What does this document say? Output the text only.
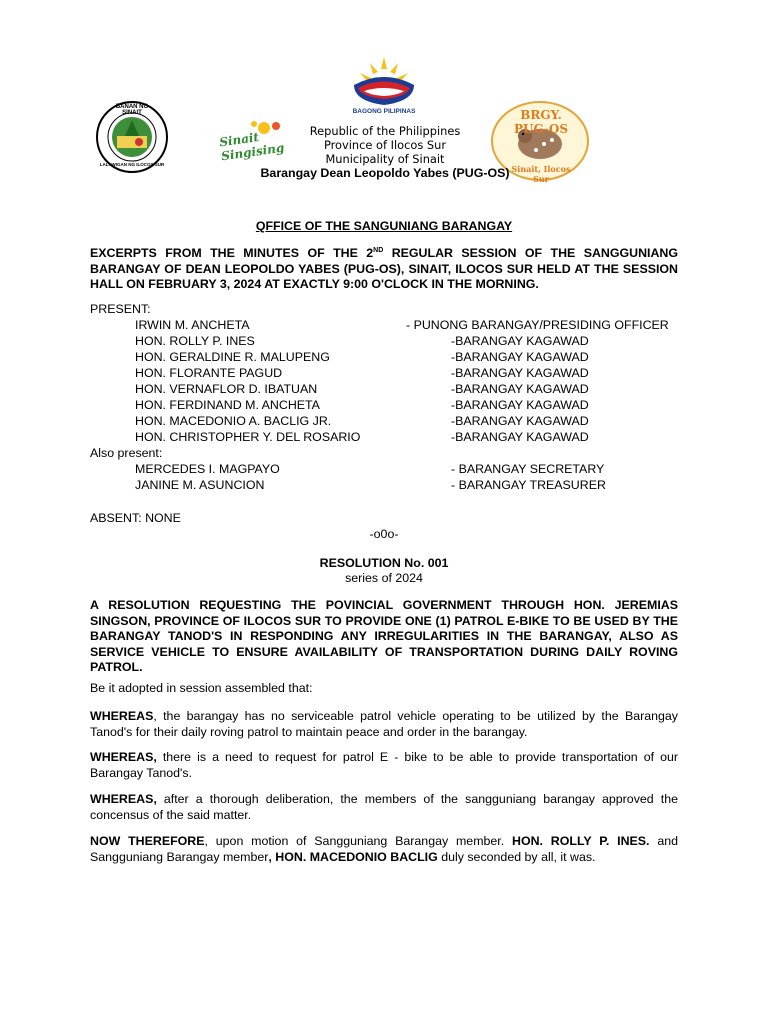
BAGONG PILIPINAS
BANAN NG SINAIT
LALAWIGAN NG ILOCOS SUR
Sinait Singising
BRGY. PUG-OS
Sinait, Ilocos Sur
Republic of the Philippines
Province of Ilocos Sur
Municipality of Sinait
Barangay Dean Leopoldo Yabes (PUG-OS)
QFFICE OF THE SANGUNIANG BARANGAY
EXCERPTS FROM THE MINUTES OF THE 2ND REGULAR SESSION OF THE SANGGUNIANG BARANGAY OF DEAN LEOPOLDO YABES (PUG-OS), SINAIT, ILOCOS SUR HELD AT THE SESSION HALL ON FEBRUARY 3, 2024 AT EXACTLY 9:00 O'CLOCK IN THE MORNING.
PRESENT:
IRWIN M. ANCHETA	- PUNONG BARANGAY/PRESIDING OFFICER
HON. ROLLY P. INES	-BARANGAY KAGAWAD
HON. GERALDINE R. MALUPENG	-BARANGAY KAGAWAD
HON. FLORANTE PAGUD	-BARANGAY KAGAWAD
HON. VERNAFLOR D. IBATUAN	-BARANGAY KAGAWAD
HON. FERDINAND M. ANCHETA	-BARANGAY KAGAWAD
HON. MACEDONIO A. BACLIG JR.	-BARANGAY KAGAWAD
HON. CHRISTOPHER Y. DEL ROSARIO	-BARANGAY KAGAWAD
Also present:
MERCEDES I. MAGPAYO	- BARANGAY SECRETARY
JANINE M. ASUNCION	- BARANGAY TREASURER
ABSENT: NONE
-o0o-
RESOLUTION No. 001
series of 2024
A RESOLUTION REQUESTING THE POVINCIAL GOVERNMENT THROUGH HON. JEREMIAS SINGSON, PROVINCE OF ILOCOS SUR TO PROVIDE ONE (1) PATROL E-BIKE TO BE USED BY THE BARANGAY TANOD'S IN RESPONDING ANY IRREGULARITIES IN THE BARANGAY, ALSO AS SERVICE VEHICLE TO ENSURE AVAILABILITY OF TRANSPORTATION DURING DAILY ROVING PATROL.
Be it adopted in session assembled that:
WHEREAS, the barangay has no serviceable patrol vehicle operating to be utilized by the Barangay Tanod's for their daily roving patrol to maintain peace and order in the barangay.
WHEREAS, there is a need to request for patrol E - bike to be able to provide transportation of our Barangay Tanod's.
WHEREAS, after a thorough deliberation, the members of the sangguniang barangay approved the concensus of the said matter.
NOW THEREFORE, upon motion of Sangguniang Barangay member. HON. ROLLY P. INES. and Sangguniang Barangay member, HON. MACEDONIO BACLIG duly seconded by all, it was.
